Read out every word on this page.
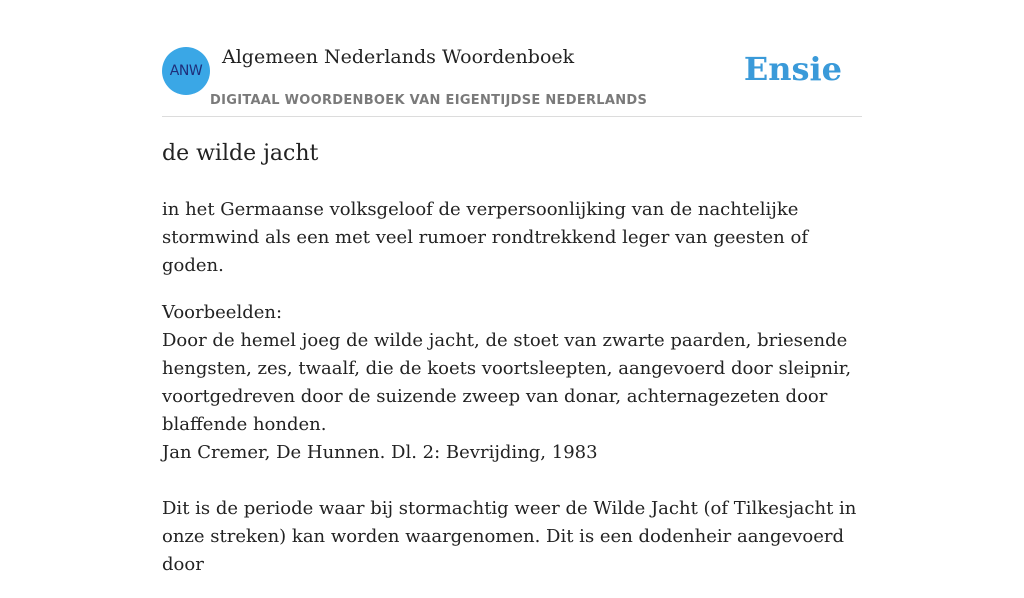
ANW
Algemeen Nederlands Woordenboek
DIGITAAL WOORDENBOEK VAN EIGENTIJDSE NEDERLANDS
Ensie
de wilde jacht

in het Germaanse volksgeloof de verpersoonlijking van de nachtelijke stormwind als een met veel rumoer rondtrekkend leger van geesten of goden.

Voorbeelden:

Door de hemel joeg de wilde jacht, de stoet van zwarte paarden, briesende hengsten, zes, twaalf, die de koets voortsleepten, aangevoerd door sleipnir, voortgedreven door de suizende zweep van donar, achternagezeten door blaffende honden.

Jan Cremer, De Hunnen. Dl. 2: Bevrijding, 1983

Dit is de periode waar bij stormachtig weer de Wilde Jacht (of Tilkesjacht in onze streken) kan worden waargenomen. Dit is een dodenheir aangevoerd door
